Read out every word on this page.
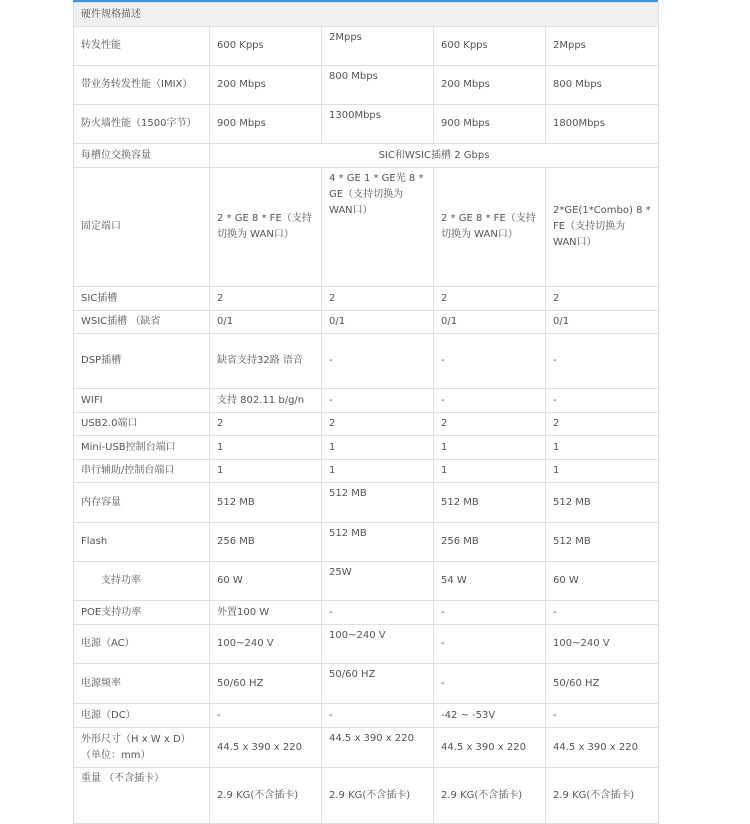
硬件规格描述				
转发性能	600 Kpps	2Mpps	600 Kpps	2Mpps
带业务转发性能（IMIX）	200 Mbps	800 Mbps	200 Mbps	800 Mbps
防火墙性能（1500字节）	900 Mbps	1300Mbps	900 Mbps	1800Mbps
每槽位交换容量	SIC和WSIC插槽 2 Gbps			
固定端口	2 * GE 8 * FE（支持切换为 WAN口）	4 * GE 1 * GE光 8 * GE（支持切换为 WAN口）	2 * GE 8 * FE（支持切换为 WAN口）	2*GE(1*Combo) 8 * FE（支持切换为 WAN口）
SIC插槽	2	2	2	2
WSIC插槽 （缺省	0/1	0/1	0/1	0/1
DSP插槽	缺省支持32路 语音	-	-	-
WIFI	支持 802.11 b/g/n	-	-	-
USB2.0端口	2	2	2	2
Mini-USB控制台端口	1	1	1	1
串行辅助/控制台端口	1	1	1	1
内存容量	512 MB	512 MB	512 MB	512 MB
Flash	256 MB	512 MB	256 MB	512 MB
支持功率	60 W	25W	54 W	60 W
POE支持功率	外置100 W	-	-	-
电源（AC）	100~240 V	100~240 V	-	100~240 V
电源频率	50/60 HZ	50/60 HZ	-	50/60 HZ
电源（DC）	-	-	-42 ~ -53V	-
外形尺寸（H x W x D）（单位：mm）	44.5 x 390 x 220	44.5 x 390 x 220	44.5 x 390 x 220	44.5 x 390 x 220
重量 （不含插卡）	2.9 KG(不含插卡)	2.9 KG(不含插卡)	2.9 KG(不含插卡)	2.9 KG(不含插卡)
